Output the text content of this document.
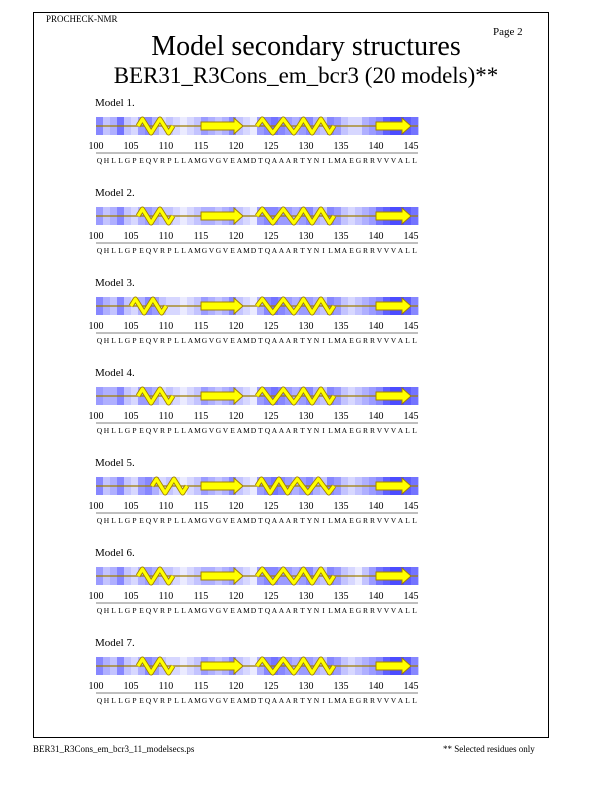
PROCHECK-NMR
Page 2
Model secondary structures
BER31_R3Cons_em_bcr3 (20 models)**
Model 1.
100 105 110 115 120 125 130 135 140 145
Q H L L G P E Q V R P L L A M G V G V E A M D T Q A A A R T Y N I L M A E G R R V V V A L L
Model 2.
100 105 110 115 120 125 130 135 140 145
Q H L L G P E Q V R P L L A M G V G V E A M D T Q A A A R T Y N I L M A E G R R V V V A L L
Model 3.
100 105 110 115 120 125 130 135 140 145
Q H L L G P E Q V R P L L A M G V G V E A M D T Q A A A R T Y N I L M A E G R R V V V A L L
Model 4.
100 105 110 115 120 125 130 135 140 145
Q H L L G P E Q V R P L L A M G V G V E A M D T Q A A A R T Y N I L M A E G R R V V V A L L
Model 5.
100 105 110 115 120 125 130 135 140 145
Q H L L G P E Q V R P L L A M G V G V E A M D T Q A A A R T Y N I L M A E G R R V V V A L L
Model 6.
100 105 110 115 120 125 130 135 140 145
Q H L L G P E Q V R P L L A M G V G V E A M D T Q A A A R T Y N I L M A E G R R V V V A L L
Model 7.
100 105 110 115 120 125 130 135 140 145
Q H L L G P E Q V R P L L A M G V G V E A M D T Q A A A R T Y N I L M A E G R R V V V A L L
BER31_R3Cons_em_bcr3_11_modelsecs.ps	** Selected residues only
